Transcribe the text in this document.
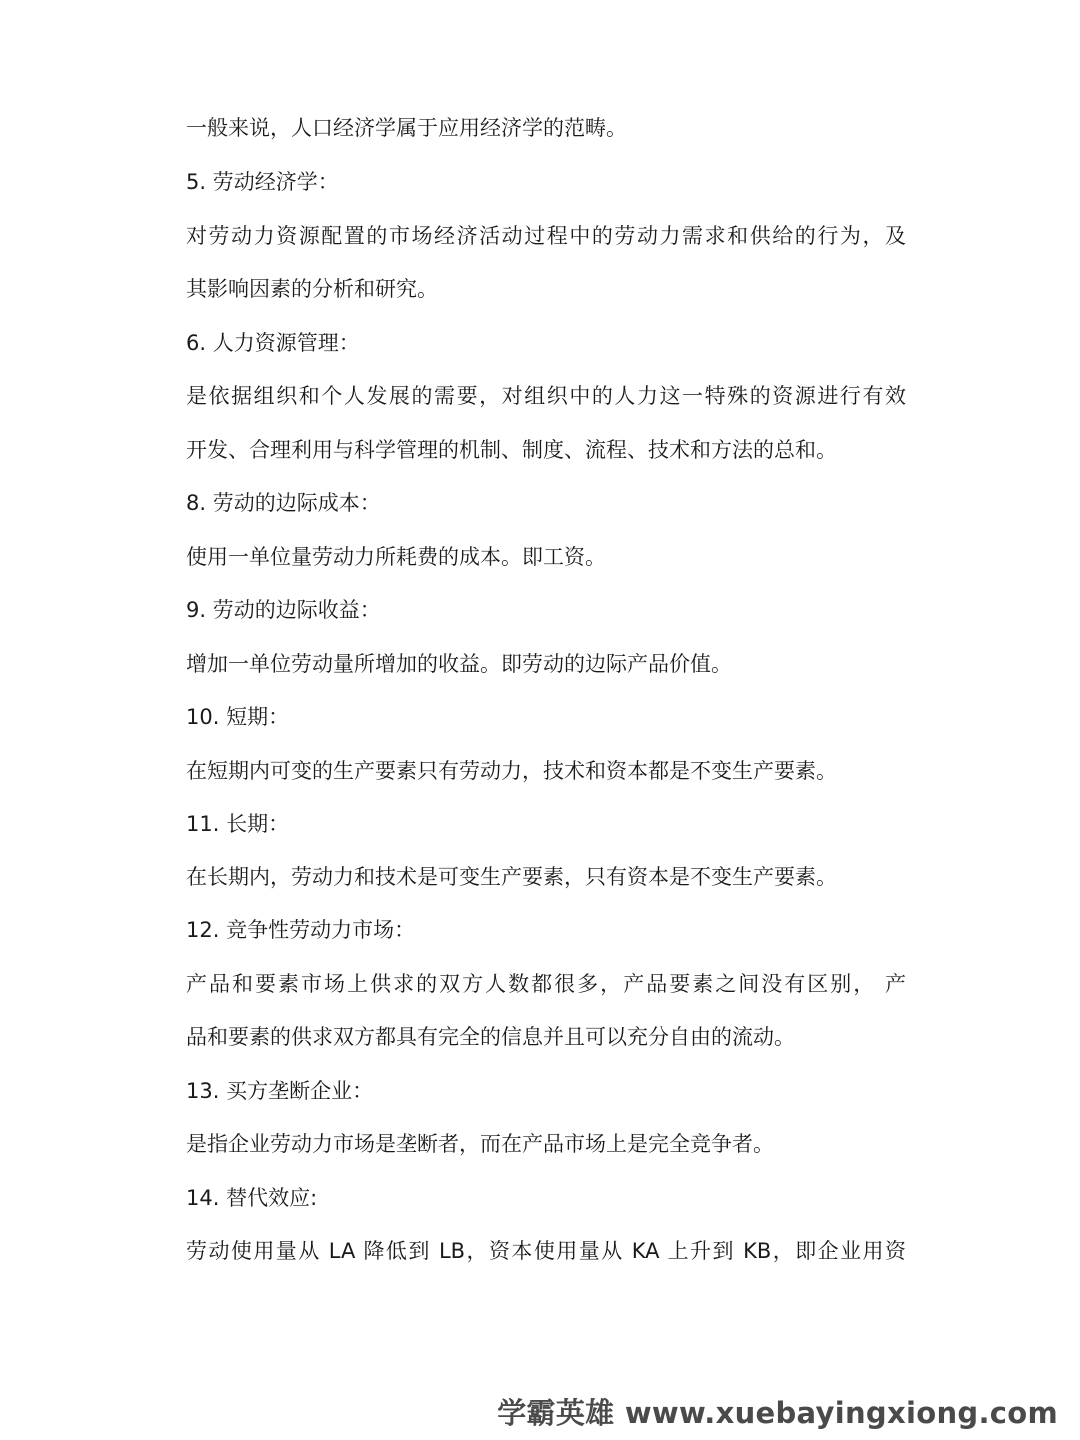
一般来说，人口经济学属于应用经济学的范畴。
5. 劳动经济学：
对劳动力资源配置的市场经济活动过程中的劳动力需求和供给的行为，及
其影响因素的分析和研究。
6. 人力资源管理：
是依据组织和个人发展的需要，对组织中的人力这一特殊的资源进行有效
开发、合理利用与科学管理的机制、制度、流程、技术和方法的总和。
8. 劳动的边际成本：
使用一单位量劳动力所耗费的成本。即工资。
9. 劳动的边际收益：
增加一单位劳动量所增加的收益。即劳动的边际产品价值。
10. 短期：
在短期内可变的生产要素只有劳动力，技术和资本都是不变生产要素。
11. 长期：
在长期内，劳动力和技术是可变生产要素，只有资本是不变生产要素。
12. 竞争性劳动力市场：
产品和要素市场上供求的双方人数都很多，产品要素之间没有区别， 产
品和要素的供求双方都具有完全的信息并且可以充分自由的流动。
13. 买方垄断企业：
是指企业劳动力市场是垄断者，而在产品市场上是完全竞争者。
14. 替代效应:
劳动使用量从 LA 降低到 LB，资本使用量从 KA 上升到 KB，即企业用资
学霸英雄 www.xuebayingxiong.com
